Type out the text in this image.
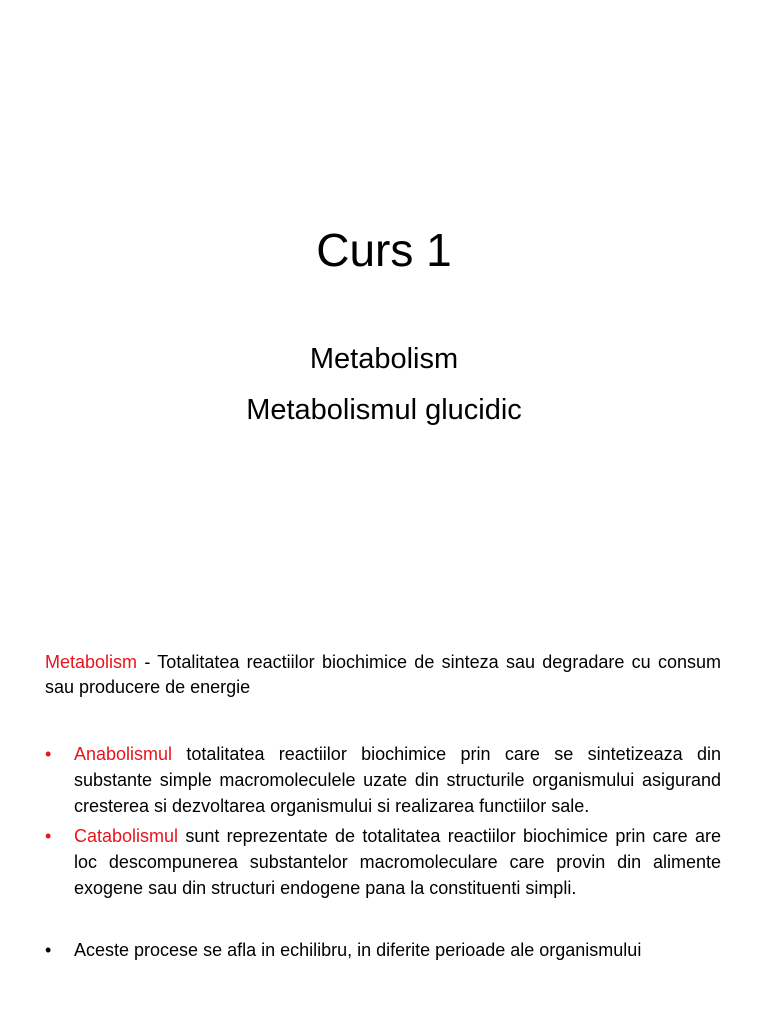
Curs 1
Metabolism
Metabolismul glucidic

Metabolism - Totalitatea reactiilor biochimice de sinteza sau degradare cu consum sau producere de energie

• Anabolismul totalitatea reactiilor biochimice prin care se sintetizeaza din substante simple macromoleculele uzate din structurile organismului asigurand cresterea si dezvoltarea organismului si realizarea functiilor sale.
• Catabolismul sunt reprezentate de totalitatea reactiilor biochimice prin care are loc descompunerea substantelor macromoleculare care provin din alimente exogene sau din structuri endogene pana la constituenti simpli.
• Aceste procese se afla in echilibru, in diferite perioade ale organismului
